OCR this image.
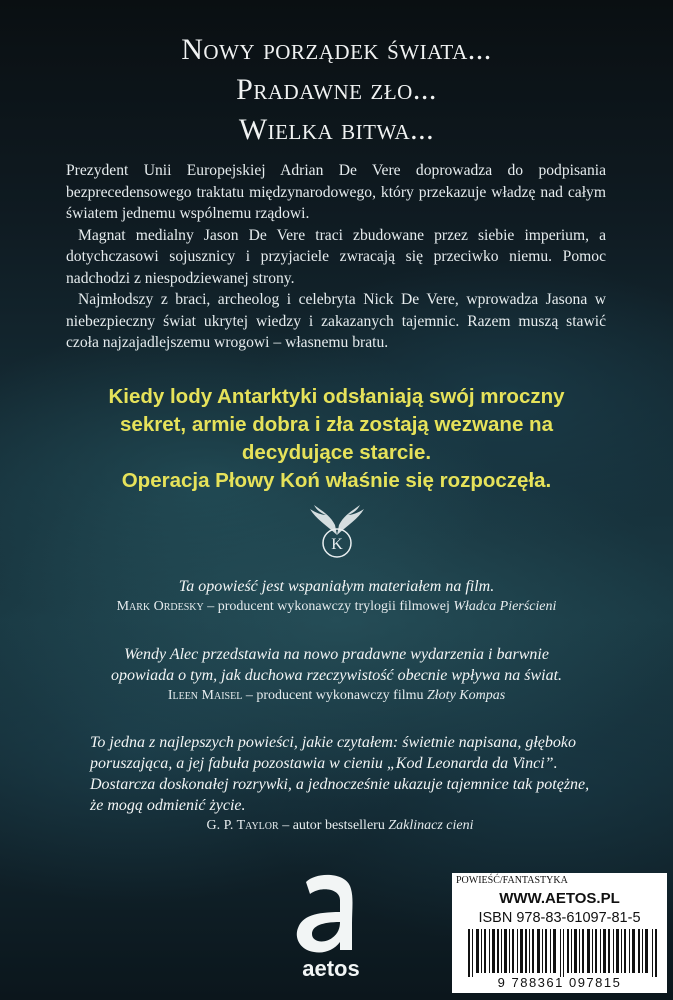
Nowy porządek świata...
Pradawne zło...
Wielka bitwa...

Prezydent Unii Europejskiej Adrian De Vere doprowadza do podpisania bezprecedensowego traktatu międzynarodowego, który przekazuje władzę nad całym światem jednemu wspólnemu rządowi.

Magnat medialny Jason De Vere traci zbudowane przez siebie imperium, a dotychczasowi sojusznicy i przyjaciele zwracają się przeciwko niemu. Pomoc nadchodzi z niespodziewanej strony.

Najmłodszy z braci, archeolog i celebryta Nick De Vere, wprowadza Jasona w niebezpieczny świat ukrytej wiedzy i zakazanych tajemnic. Razem muszą stawić czoła najzajadlejszemu wrogowi – własnemu bratu.

Kiedy lody Antarktyki odsłaniają swój mroczny
sekret, armie dobra i zła zostają wezwane na
decydujące starcie.
Operacja Płowy Koń właśnie się rozpoczęła.
K
Ta opowieść jest wspaniałym materiałem na film.
Mark Ordesky – producent wykonawczy trylogii filmowej Władca Pierścieni
Wendy Alec przedstawia na nowo pradawne wydarzenia i barwnie
opowiada o tym, jak duchowa rzeczywistość obecnie wpływa na świat.
Ileen Maisel – producent wykonawczy filmu Złoty Kompas
To jedna z najlepszych powieści, jakie czytałem: świetnie napisana, głęboko poruszająca, a jej fabuła pozostawia w cieniu „Kod Leonarda da Vinci”. Dostarcza doskonałej rozrywki, a jednocześnie ukazuje tajemnice tak potężne, że mogą odmienić życie.
G. P. Taylor – autor bestselleru Zaklinacz cieni
aetos
POWIEŚĆ/FANTASTYKA
WWW.AETOS.PL
ISBN 978-83-61097-81-5
9 788361 097815
